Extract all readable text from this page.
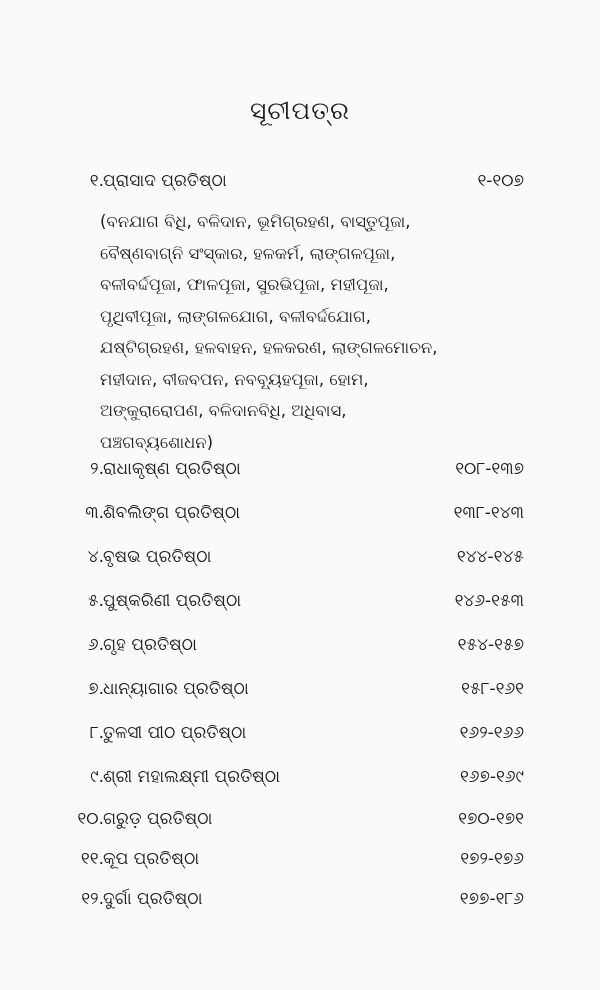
ସୂଚୀପତ୍ର
୧. ପ୍ରାସାଦ ପ୍ରତିଷ୍ଠା	୧-୧୦୭
(ବନଯାଗ ବିଧି, ବଳିଦାନ, ଭୂମିଗ୍ରହଣ, ବାସ୍ତୁପୂଜା,
ବୈଷ୍ଣବାଗ୍ନି ସଂସ୍କାର, ହଳକର୍ମ, ଲାଙ୍ଗଳପୂଜା,
ବଳୀବର୍ଦ୍ଦପୂଜା, ଫାଳପୂଜା, ସୁରଭିପୂଜା, ମହୀପୂଜା,
ପୃଥିବୀପୂଜା, ଲାଙ୍ଗଳଯୋଗ, ବଳୀବର୍ଦ୍ଦଯୋଗ,
ଯଷ୍ଟିଗ୍ରହଣ, ହଳବାହନ, ହଳକରଣ, ଲାଙ୍ଗଳମୋଚନ,
ମହୀଦାନ, ବୀଜବପନ, ନବବ୍ୟୂହପୂଜା, ହୋମ,
ଅଙ୍କୁରାରୋପଣ, ବଳିଦାନବିଧି, ଅଧିବାସ,
ପଞ୍ଚଗବ୍ୟଶୋଧନ)
୨. ରାଧାକୃଷ୍ଣ ପ୍ରତିଷ୍ଠା	୧୦୮-୧୩୭
୩. ଶିବଲିଙ୍ଗ ପ୍ରତିଷ୍ଠା	୧୩୮-୧୪୩
୪. ବୃଷଭ ପ୍ରତିଷ୍ଠା	୧୪୪-୧୪୫
୫. ପୁଷ୍କରିଣୀ ପ୍ରତିଷ୍ଠା	୧୪୬-୧୫୩
୬. ଗୃହ ପ୍ରତିଷ୍ଠା	୧୫୪-୧୫୭
୭. ଧାନ୍ୟାଗାର ପ୍ରତିଷ୍ଠା	୧୫୮-୧୬୧
୮. ତୁଳସୀ ପୀଠ ପ୍ରତିଷ୍ଠା	୧୬୨-୧୬୬
୯. ଶ୍ରୀ ମହାଲକ୍ଷ୍ମୀ ପ୍ରତିଷ୍ଠା	୧୬୭-୧୬୯
୧୦. ଗରୁଡ଼ ପ୍ରତିଷ୍ଠା	୧୭୦-୧୭୧
୧୧. କୂପ ପ୍ରତିଷ୍ଠା	୧୭୨-୧୭୬
୧୨. ଦୁର୍ଗା ପ୍ରତିଷ୍ଠା	୧୭୭-୧୮୬
